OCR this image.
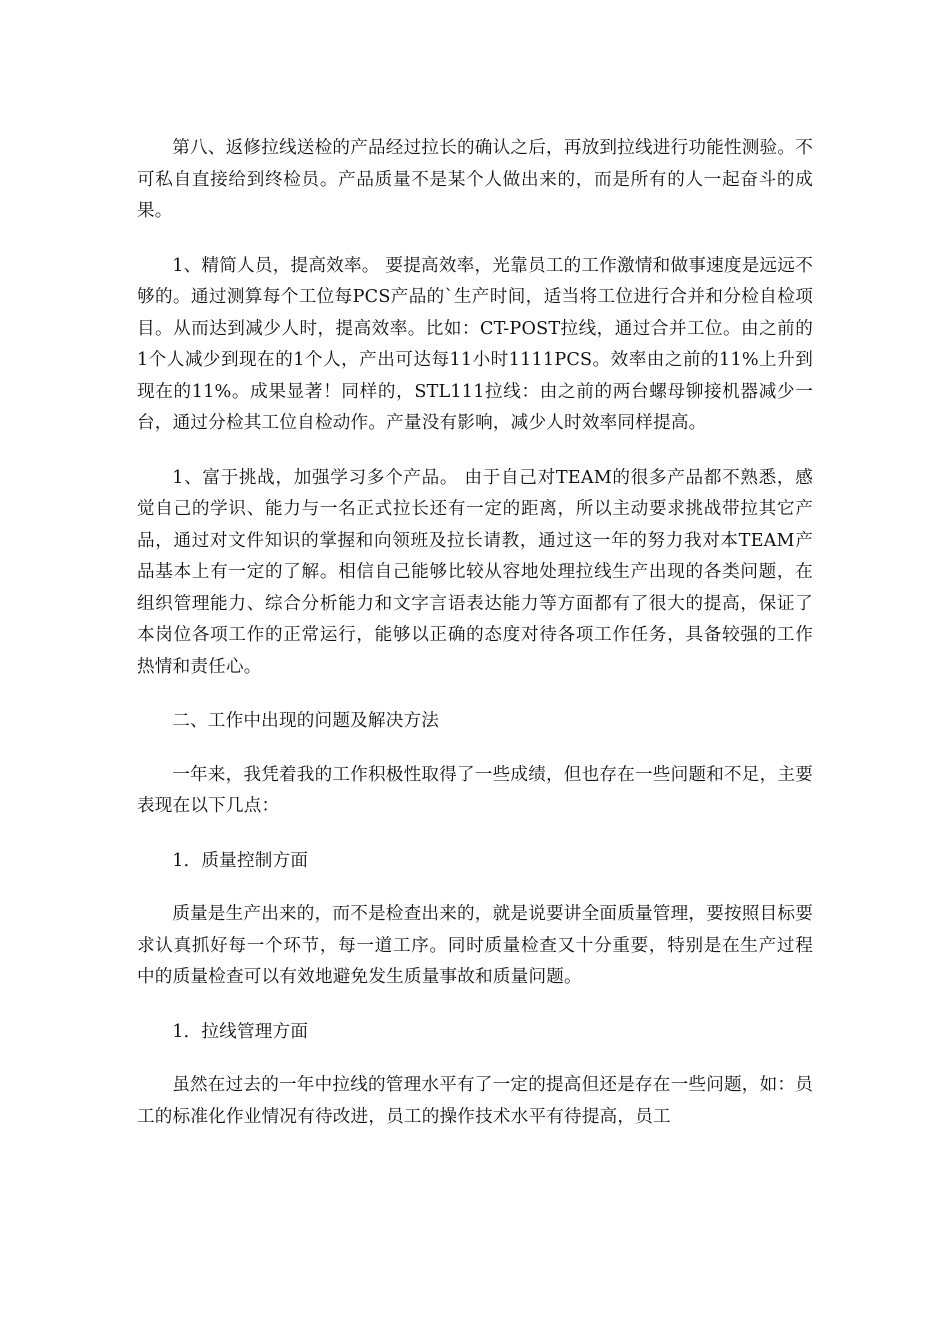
第八、返修拉线送检的产品经过拉长的确认之后，再放到拉线进行功能性测验。不可私自直接给到终检员。产品质量不是某个人做出来的，而是所有的人一起奋斗的成果。

1、精简人员，提高效率。 要提高效率，光靠员工的工作激情和做事速度是远远不够的。通过测算每个工位每PCS产品的`生产时间，适当将工位进行合并和分检自检项目。从而达到减少人时，提高效率。比如：CT-POST拉线，通过合并工位。由之前的1个人减少到现在的1个人，产出可达每11小时1111PCS。效率由之前的11%上升到现在的11%。成果显著！同样的，STL111拉线：由之前的两台螺母铆接机器减少一台，通过分检其工位自检动作。产量没有影响，减少人时效率同样提高。

1、富于挑战，加强学习多个产品。 由于自己对TEAM的很多产品都不熟悉，感觉自己的学识、能力与一名正式拉长还有一定的距离，所以主动要求挑战带拉其它产品，通过对文件知识的掌握和向领班及拉长请教，通过这一年的努力我对本TEAM产品基本上有一定的了解。相信自己能够比较从容地处理拉线生产出现的各类问题，在组织管理能力、综合分析能力和文字言语表达能力等方面都有了很大的提高，保证了本岗位各项工作的正常运行，能够以正确的态度对待各项工作任务，具备较强的工作热情和责任心。

二、工作中出现的问题及解决方法

一年来，我凭着我的工作积极性取得了一些成绩，但也存在一些问题和不足，主要表现在以下几点：

1．质量控制方面

质量是生产出来的，而不是检查出来的，就是说要讲全面质量管理，要按照目标要求认真抓好每一个环节，每一道工序。同时质量检查又十分重要，特别是在生产过程中的质量检查可以有效地避免发生质量事故和质量问题。

1．拉线管理方面

虽然在过去的一年中拉线的管理水平有了一定的提高但还是存在一些问题，如：员工的标准化作业情况有待改进，员工的操作技术水平有待提高，员工
